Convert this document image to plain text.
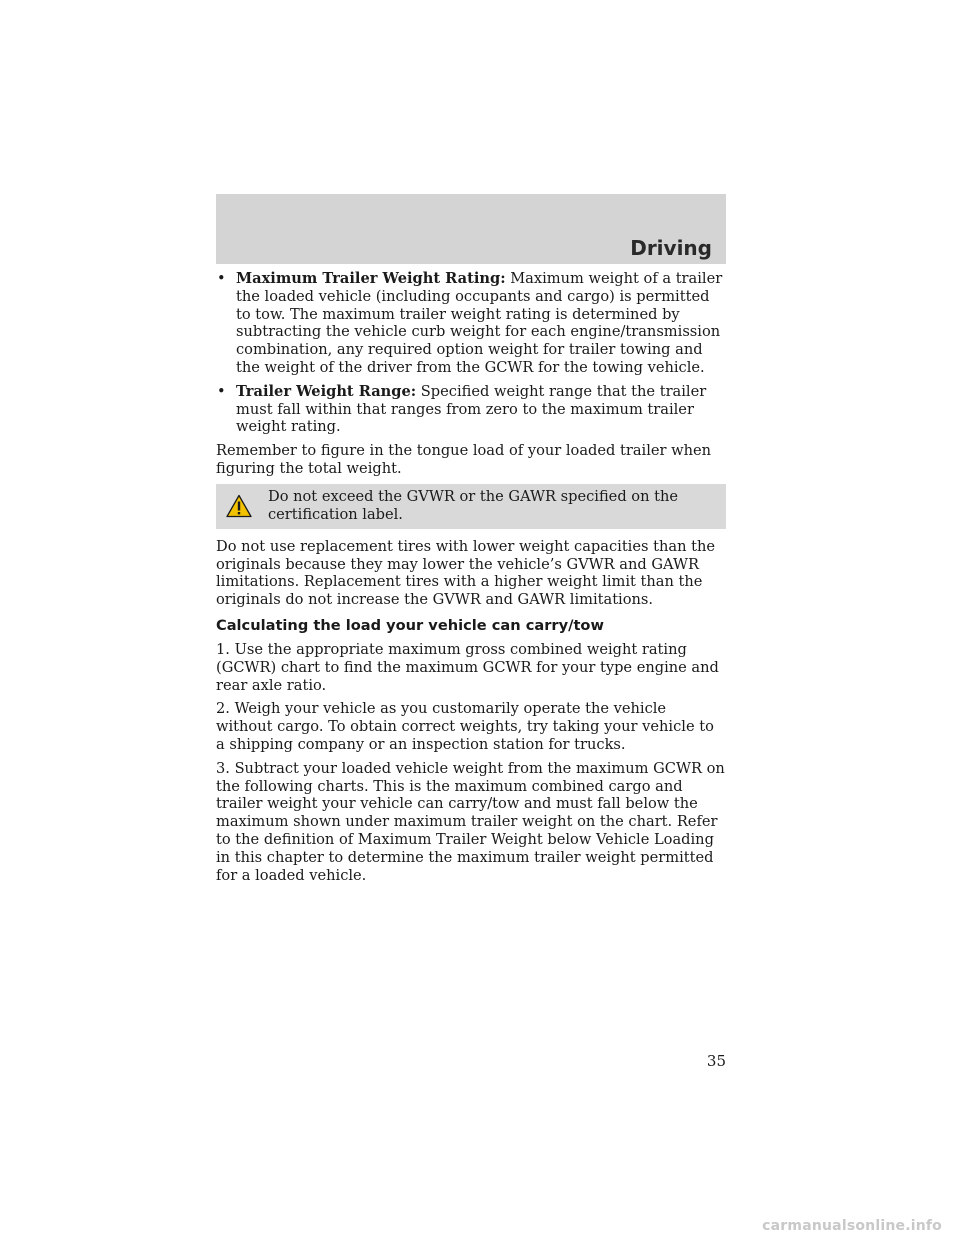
Driving
• Maximum Trailer Weight Rating: Maximum weight of a trailer the loaded vehicle (including occupants and cargo) is permitted to tow. The maximum trailer weight rating is determined by subtracting the vehicle curb weight for each engine/transmission combination, any required option weight for trailer towing and the weight of the driver from the GCWR for the towing vehicle.
• Trailer Weight Range: Specified weight range that the trailer must fall within that ranges from zero to the maximum trailer weight rating.

Remember to figure in the tongue load of your loaded trailer when figuring the total weight.

Do not exceed the GVWR or the GAWR specified on the certification label.

Do not use replacement tires with lower weight capacities than the originals because they may lower the vehicle’s GVWR and GAWR limitations. Replacement tires with a higher weight limit than the originals do not increase the GVWR and GAWR limitations.

Calculating the load your vehicle can carry/tow

1. Use the appropriate maximum gross combined weight rating (GCWR) chart to find the maximum GCWR for your type engine and rear axle ratio.

2. Weigh your vehicle as you customarily operate the vehicle without cargo. To obtain correct weights, try taking your vehicle to a shipping company or an inspection station for trucks.

3. Subtract your loaded vehicle weight from the maximum GCWR on the following charts. This is the maximum combined cargo and trailer weight your vehicle can carry/tow and must fall below the maximum shown under maximum trailer weight on the chart. Refer to the definition of Maximum Trailer Weight below Vehicle Loading in this chapter to determine the maximum trailer weight permitted for a loaded vehicle.

35
carmanualsonline.info
